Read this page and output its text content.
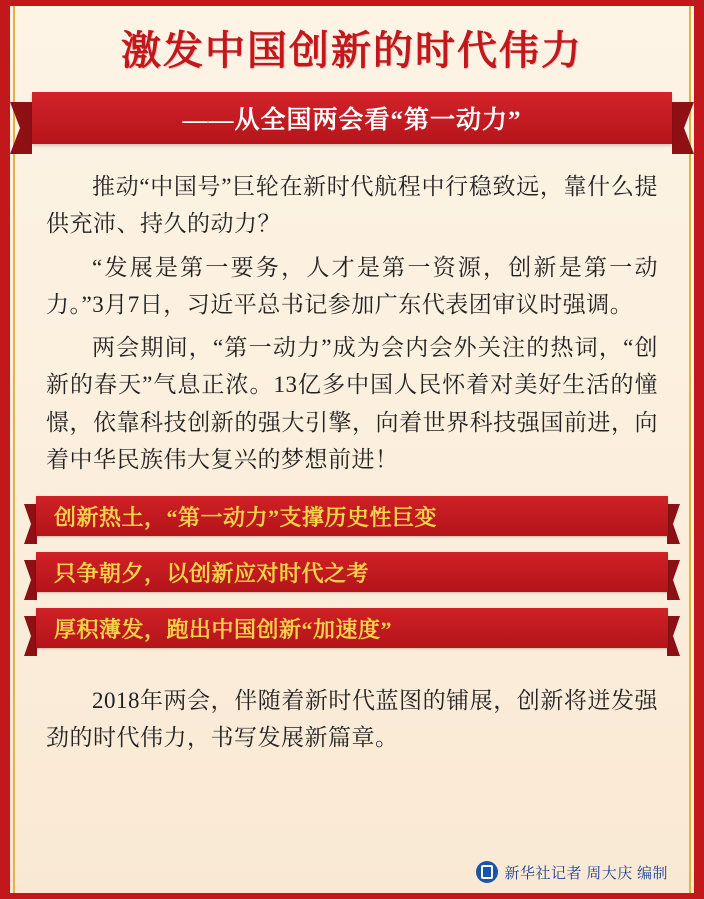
激发中国创新的时代伟力
——从全国两会看“第一动力”

推动“中国号”巨轮在新时代航程中行稳致远，靠什么提供充沛、持久的动力？

“发展是第一要务，人才是第一资源，创新是第一动力。”3月7日，习近平总书记参加广东代表团审议时强调。

两会期间，“第一动力”成为会内会外关注的热词，“创新的春天”气息正浓。13亿多中国人民怀着对美好生活的憧憬，依靠科技创新的强大引擎，向着世界科技强国前进，向着中华民族伟大复兴的梦想前进！

创新热土，“第一动力”支撑历史性巨变
只争朝夕，以创新应对时代之考
厚积薄发，跑出中国创新“加速度”

2018年两会，伴随着新时代蓝图的铺展，创新将迸发强劲的时代伟力，书写发展新篇章。

新华社记者 周大庆 编制
